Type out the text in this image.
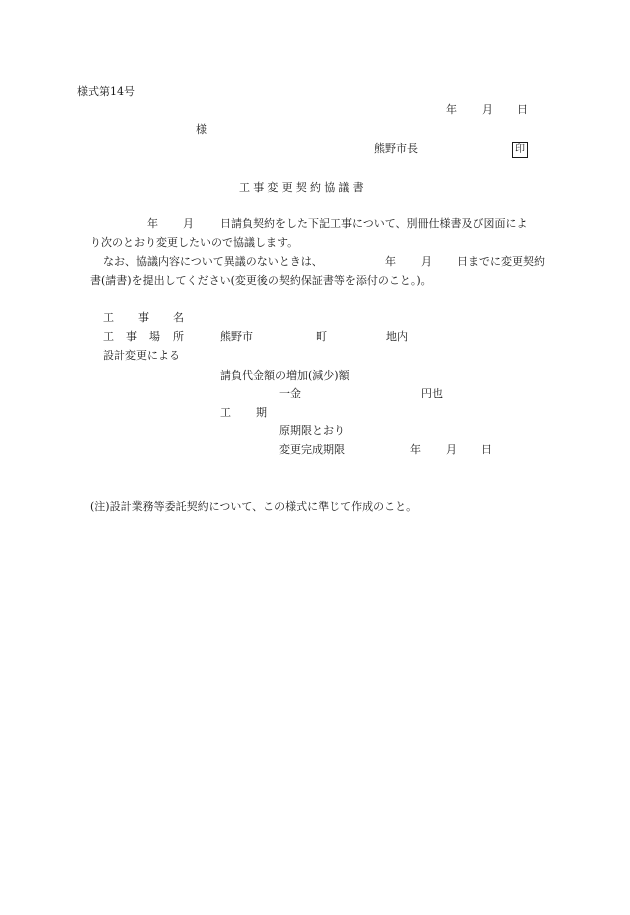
様式第14号
年 月 日
様
熊野市長	印
工事変更契約協議書
年 月 日請負契約をした下記工事について、別冊仕様書及び図面によ
り次のとおり変更したいので協議します。
なお、協議内容について異議のないときは、	年 月 日までに変更契約
書(請書)を提出してください(変更後の契約保証書等を添付のこと。)。
工 事 名
工 事 場 所	熊野市	町	地内
設計変更による
請負代金額の増加(減少)額
一金	円也
工 期
原期限とおり
変更完成期限	年 月 日
(注)設計業務等委託契約について、この様式に準じて作成のこと。
